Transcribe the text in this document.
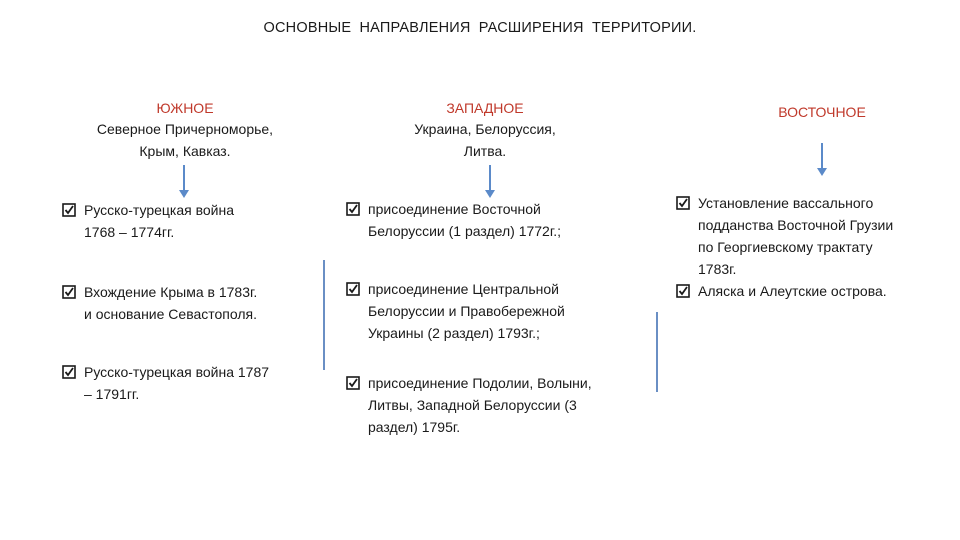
ОСНОВНЫЕ НАПРАВЛЕНИЯ РАСШИРЕНИЯ ТЕРРИТОРИИ.
ЮЖНОЕ
Северное Причерноморье,
Крым, Кавказ.
ЗАПАДНОЕ
Украина, Белоруссия,
Литва.
ВОСТОЧНОЕ
Русско-турецкая война
1768 – 1774гг.
Вхождение Крыма в 1783г.
и основание Севастополя.
Русско-турецкая война 1787
– 1791гг.
присоединение Восточной
Белоруссии (1 раздел) 1772г.;
присоединение Центральной
Белоруссии и Правобережной
Украины (2 раздел) 1793г.;
присоединение Подолии, Волыни,
Литвы, Западной Белоруссии (3
раздел) 1795г.
Установление вассального
подданства Восточной Грузии
по Георгиевскому трактату
1783г.
Аляска и Алеутские острова.
